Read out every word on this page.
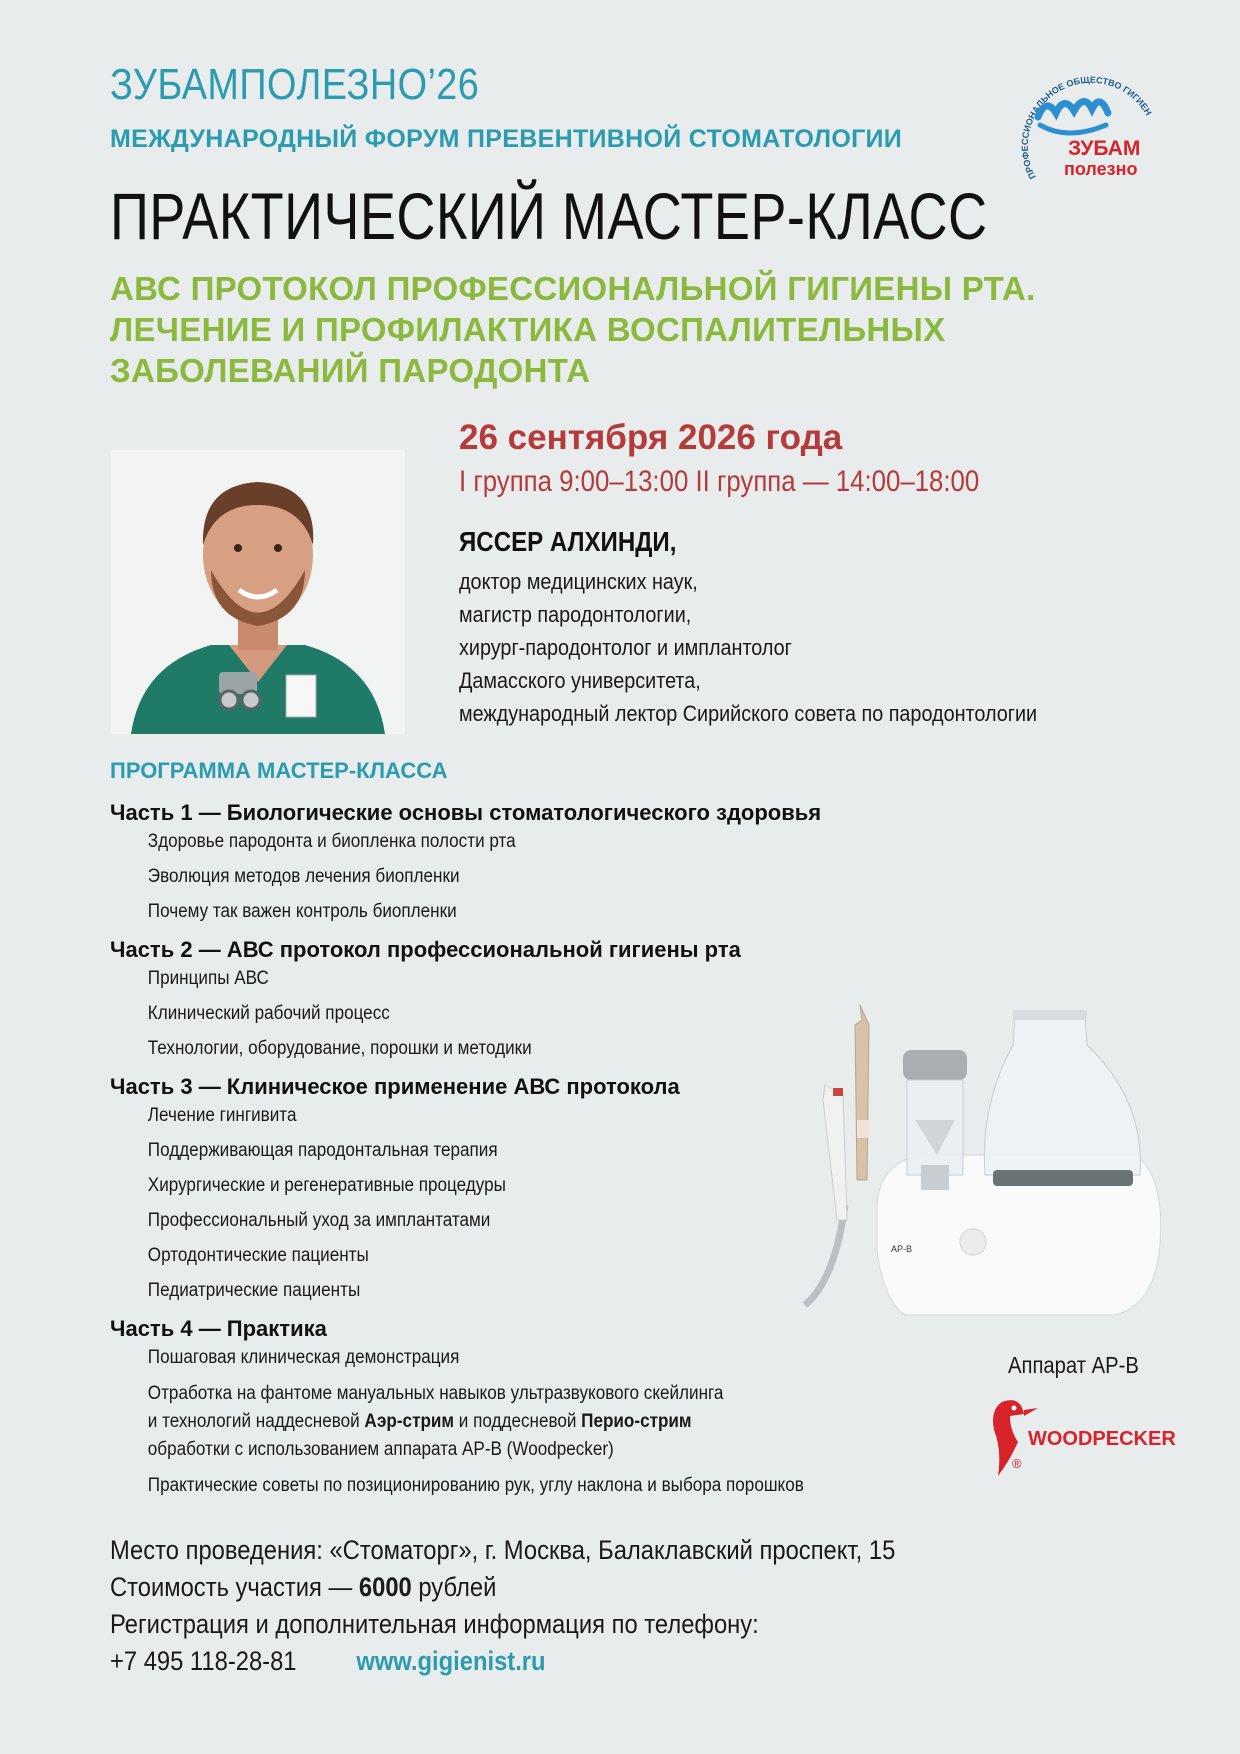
ЗУБАМПОЛЕЗНО’26
МЕЖДУНАРОДНЫЙ ФОРУМ ПРЕВЕНТИВНОЙ СТОМАТОЛОГИИ
ПРАКТИЧЕСКИЙ МАСТЕР-КЛАСС
АВС ПРОТОКОЛ ПРОФЕССИОНАЛЬНОЙ ГИГИЕНЫ РТА.
ЛЕЧЕНИЕ И ПРОФИЛАКТИКА ВОСПАЛИТЕЛЬНЫХ
ЗАБОЛЕВАНИЙ ПАРОДОНТА
ПРОФЕССИОНАЛЬНОЕ ОБЩЕСТВО ГИГИЕН
ЗУБАМ
полезно
26 сентября 2026 года
I группа 9:00–13:00 II группа — 14:00–18:00
ЯССЕР АЛХИНДИ,
доктор медицинских наук,
магистр пародонтологии,
хирург-пародонтолог и имплантолог
Дамасского университета,
международный лектор Сирийского совета по пародонтологии
ПРОГРАММА МАСТЕР-КЛАССА
Часть 1 — Биологические основы стоматологического здоровья
Здоровье пародонта и биопленка полости рта
Эволюция методов лечения биопленки
Почему так важен контроль биопленки
Часть 2 — АВС протокол профессиональной гигиены рта
Принципы АВС
Клинический рабочий процесс
Технологии, оборудование, порошки и методики
Часть 3 — Клиническое применение АВС протокола
Лечение гингивита
Поддерживающая пародонтальная терапия
Хирургические и регенеративные процедуры
Профессиональный уход за имплантатами
Ортодонтические пациенты
Педиатрические пациенты
Часть 4 — Практика
Пошаговая клиническая демонстрация
Отработка на фантоме мануальных навыков ультразвукового скейлинга
и технологий наддесневой Аэр-стрим и поддесневой Перио-стрим
обработки с использованием аппарата АР-В (Woodpecker)
Практические советы по позиционированию рук, углу наклона и выбора порошков
AP-B
Аппарат АР-В
WOODPECKER
®
Место проведения: «Стоматорг», г. Москва, Балаклавский проспект, 15
Стоимость участия — 6000 рублей
Регистрация и дополнительная информация по телефону:
+7 495 118-28-81 www.gigienist.ru
